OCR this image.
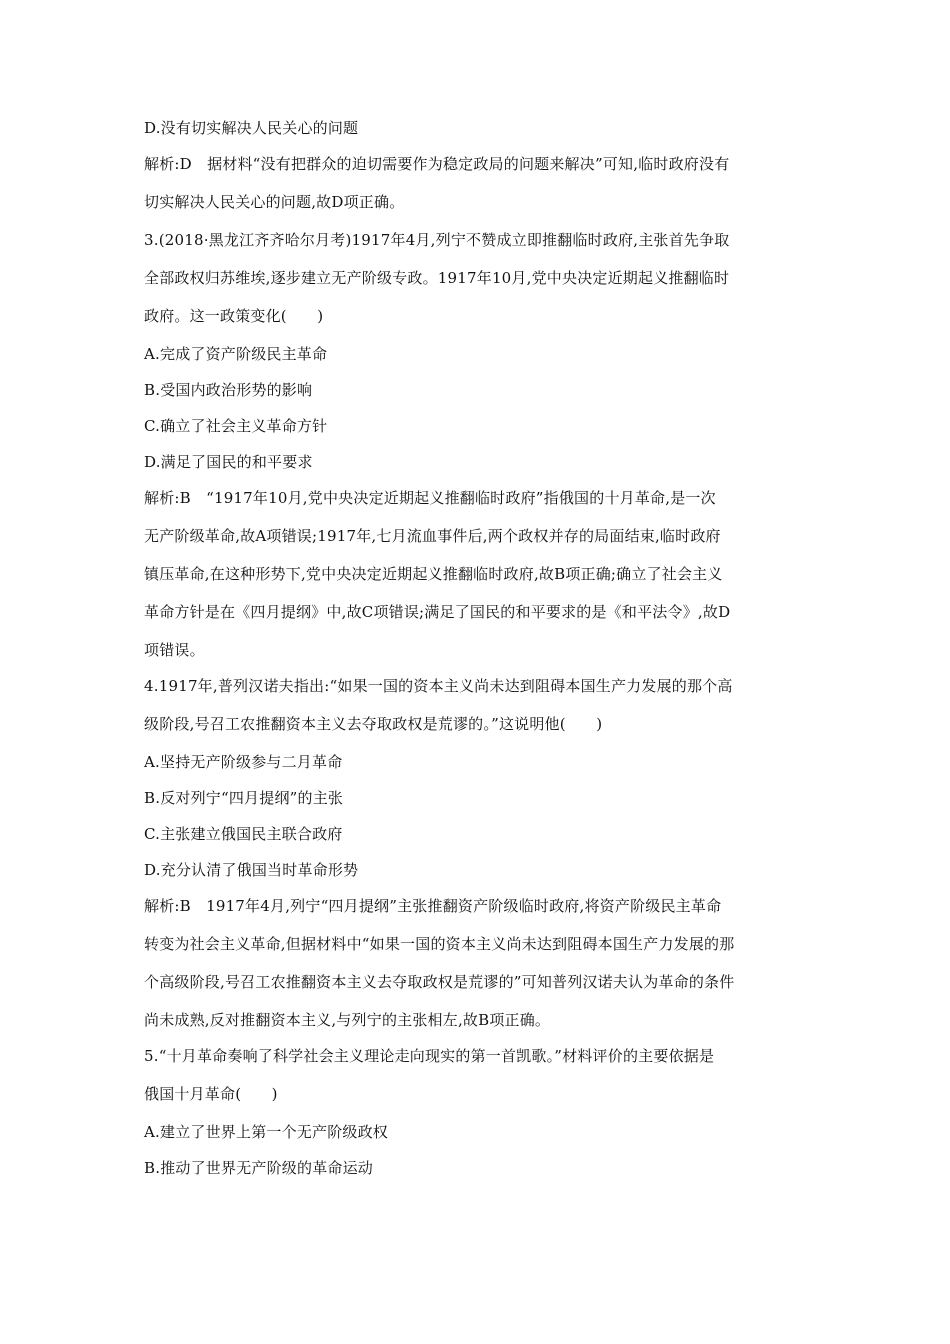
D.没有切实解决人民关心的问题
解析:D　据材料“没有把群众的迫切需要作为稳定政局的问题来解决”可知,临时政府没有
切实解决人民关心的问题,故D项正确。
3.(2018·黑龙江齐齐哈尔月考)1917年4月,列宁不赞成立即推翻临时政府,主张首先争取
全部政权归苏维埃,逐步建立无产阶级专政。1917年10月,党中央决定近期起义推翻临时
政府。这一政策变化(　　)
A.完成了资产阶级民主革命
B.受国内政治形势的影响
C.确立了社会主义革命方针
D.满足了国民的和平要求
解析:B　“1917年10月,党中央决定近期起义推翻临时政府”指俄国的十月革命,是一次
无产阶级革命,故A项错误;1917年,七月流血事件后,两个政权并存的局面结束,临时政府
镇压革命,在这种形势下,党中央决定近期起义推翻临时政府,故B项正确;确立了社会主义
革命方针是在《四月提纲》中,故C项错误;满足了国民的和平要求的是《和平法令》,故D
项错误。
4.1917年,普列汉诺夫指出:“如果一国的资本主义尚未达到阻碍本国生产力发展的那个高
级阶段,号召工农推翻资本主义去夺取政权是荒谬的。”这说明他(　　)
A.坚持无产阶级参与二月革命
B.反对列宁“四月提纲”的主张
C.主张建立俄国民主联合政府
D.充分认清了俄国当时革命形势
解析:B　1917年4月,列宁“四月提纲”主张推翻资产阶级临时政府,将资产阶级民主革命
转变为社会主义革命,但据材料中“如果一国的资本主义尚未达到阻碍本国生产力发展的那
个高级阶段,号召工农推翻资本主义去夺取政权是荒谬的”可知普列汉诺夫认为革命的条件
尚未成熟,反对推翻资本主义,与列宁的主张相左,故B项正确。
5.“十月革命奏响了科学社会主义理论走向现实的第一首凯歌。”材料评价的主要依据是
俄国十月革命(　　)
A.建立了世界上第一个无产阶级政权
B.推动了世界无产阶级的革命运动
